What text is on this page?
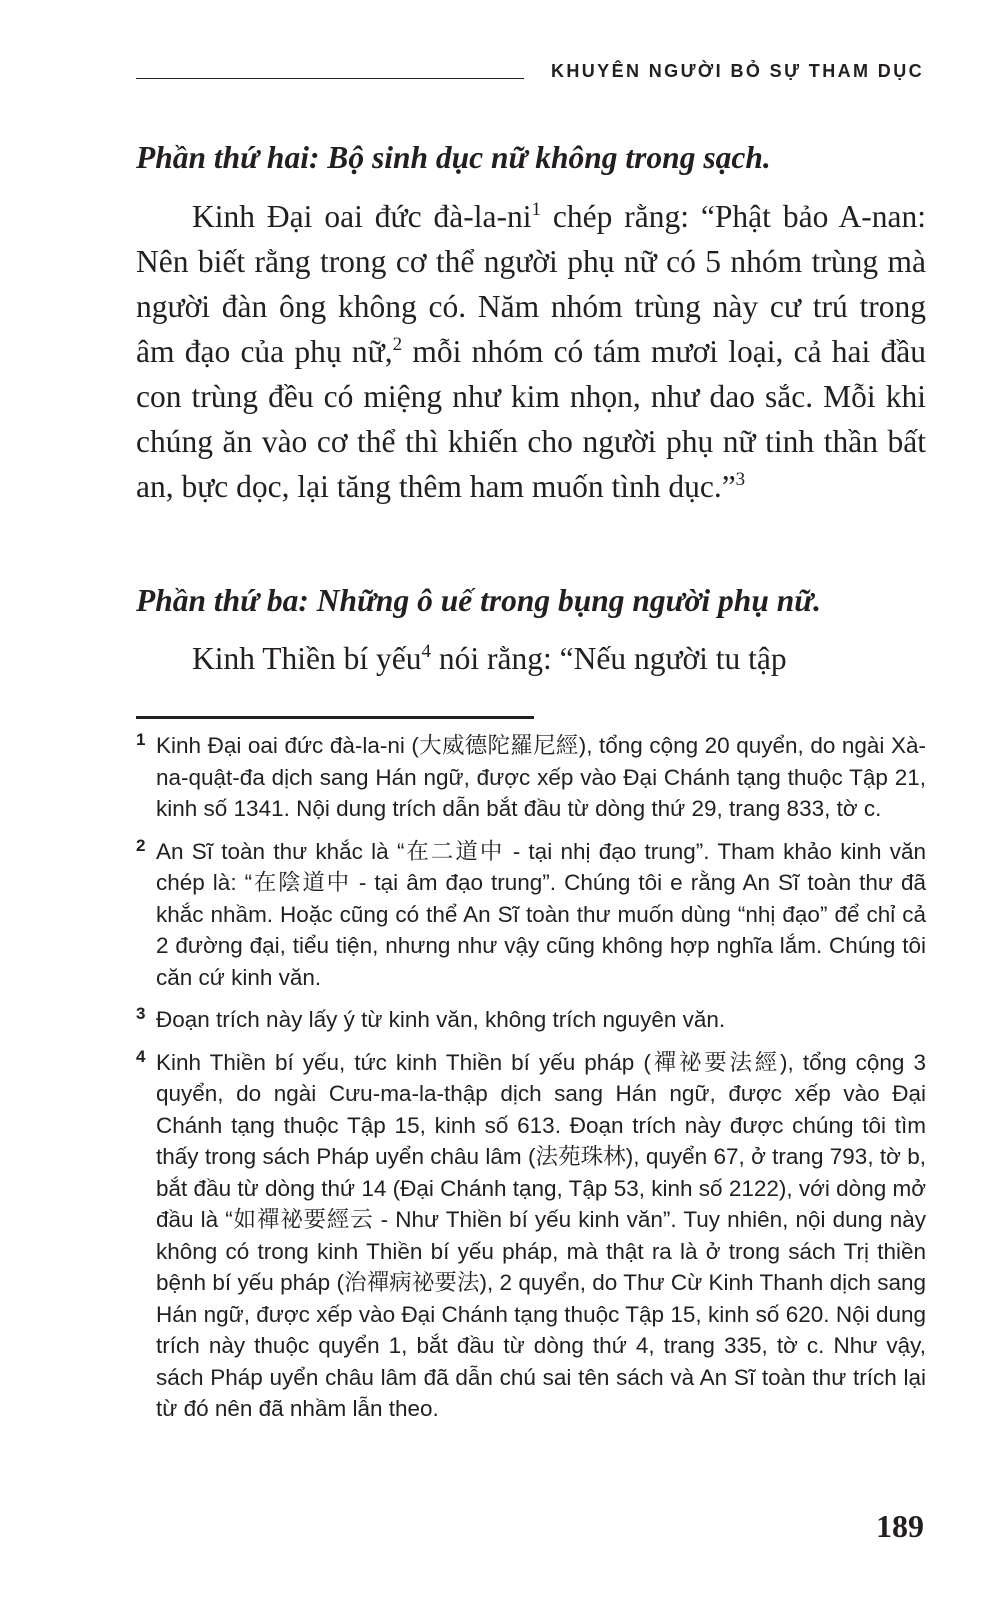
KHUYÊN NGƯỜI BỎ SỰ THAM DỤC

Phần thứ hai: Bộ sinh dục nữ không trong sạch.

Kinh Đại oai đức $đà-la-ni^1$ chép rằng: “Phật bảo A-nan: Nên biết rằng trong cơ thể người phụ nữ có 5 nhóm trùng mà người đàn ông không có. Năm nhóm trùng này cư trú trong âm đạo của phụ nữ,$^2$ mỗi nhóm có tám mươi loại, cả hai đầu con trùng đều có miệng như kim nhọn, như dao sắc. Mỗi khi chúng ăn vào cơ thể thì khiến cho người phụ nữ tinh thần bất an, bực dọc, lại tăng thêm ham muốn tình dục.”$^3$

Phần thứ ba: Những ô uế trong bụng người phụ nữ.

Kinh Thiền bí yếu$^4$ nói rằng: “Nếu người tu tập

1 Kinh Đại oai đức đà-la-ni (大威德陀羅尼經), tổng cộng 20 quyển, do ngài Xà-na-quật-đa dịch sang Hán ngữ, được xếp vào Đại Chánh tạng thuộc Tập 21, kinh số 1341. Nội dung trích dẫn bắt đầu từ dòng thứ 29, trang 833, tờ c.

2 An Sĩ toàn thư khắc là “在二道中 - tại nhị đạo trung”. Tham khảo kinh văn chép là: “在陰道中 - tại âm đạo trung”. Chúng tôi e rằng An Sĩ toàn thư đã khắc nhầm. Hoặc cũng có thể An Sĩ toàn thư muốn dùng “nhị đạo” để chỉ cả 2 đường đại, tiểu tiện, nhưng như vậy cũng không hợp nghĩa lắm. Chúng tôi căn cứ kinh văn.

3 Đoạn trích này lấy ý từ kinh văn, không trích nguyên văn.

4 Kinh Thiền bí yếu, tức kinh Thiền bí yếu pháp (禪祕要法經), tổng cộng 3 quyển, do ngài Cưu-ma-la-thập dịch sang Hán ngữ, được xếp vào Đại Chánh tạng thuộc Tập 15, kinh số 613. Đoạn trích này được chúng tôi tìm thấy trong sách Pháp uyển châu lâm (法苑珠林), quyển 67, ở trang 793, tờ b, bắt đầu từ dòng thứ 14 (Đại Chánh tạng, Tập 53, kinh số 2122), với dòng mở đầu là “如禪祕要經云 - Như Thiền bí yếu kinh văn”. Tuy nhiên, nội dung này không có trong kinh Thiền bí yếu pháp, mà thật ra là ở trong sách Trị thiền bệnh bí yếu pháp (治禪病祕要法), 2 quyển, do Thư Cừ Kinh Thanh dịch sang Hán ngữ, được xếp vào Đại Chánh tạng thuộc Tập 15, kinh số 620. Nội dung trích này thuộc quyển 1, bắt đầu từ dòng thứ 4, trang 335, tờ c. Như vậy, sách Pháp uyển châu lâm đã dẫn chú sai tên sách và An Sĩ toàn thư trích lại từ đó nên đã nhầm lẫn theo.

189
